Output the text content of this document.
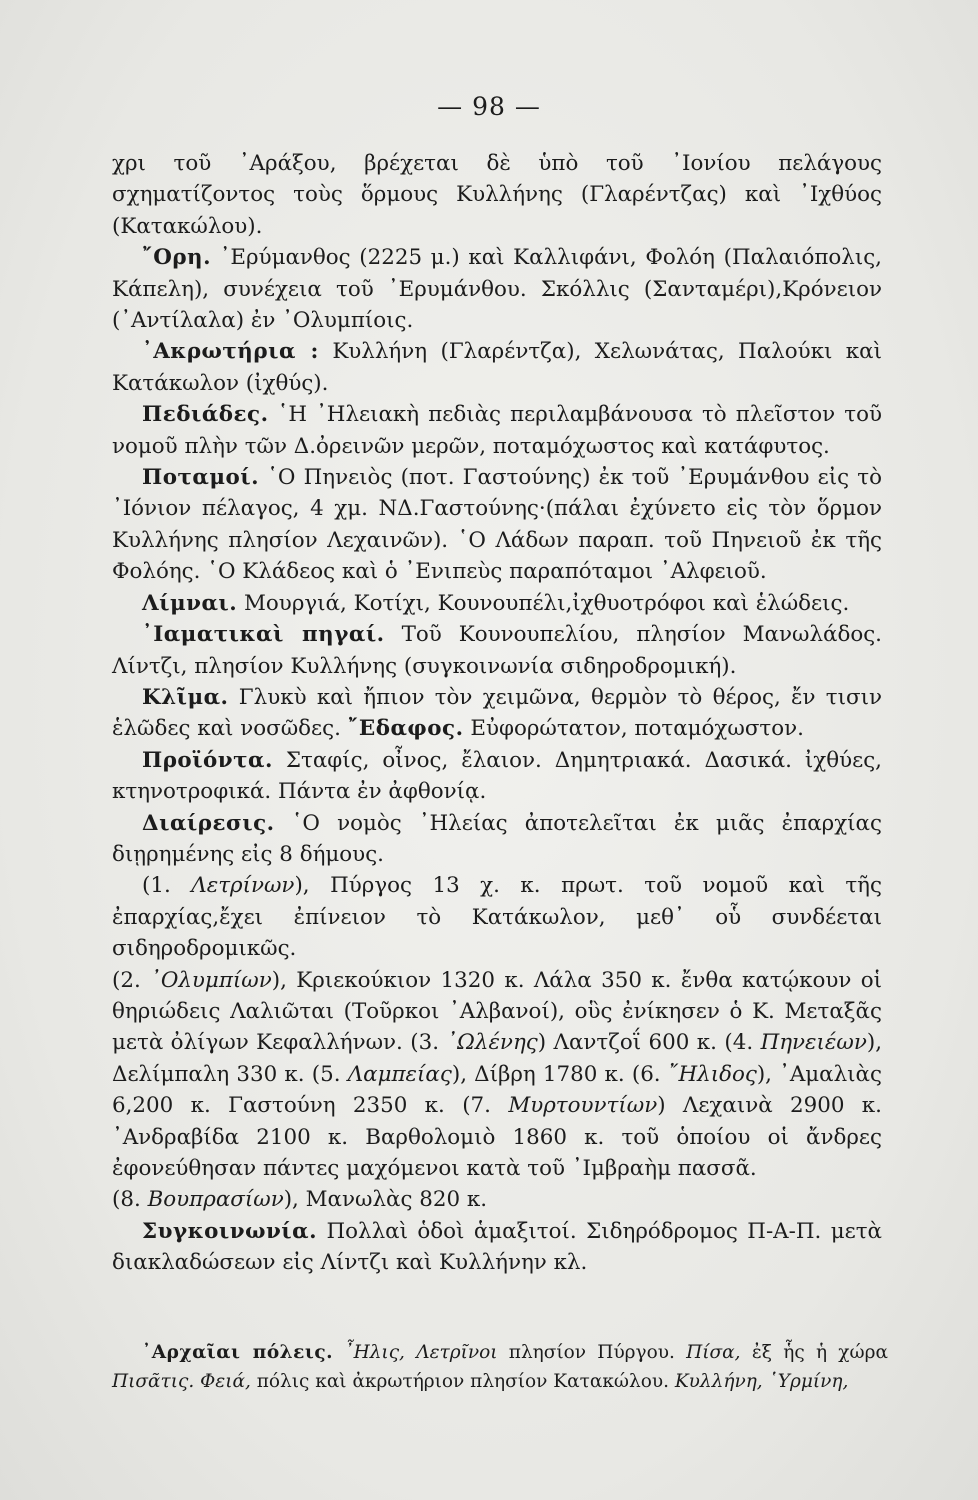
— 98 —

χρι τοῦ ᾿Αράξου, βρέχεται δὲ ὑπὸ τοῦ ᾿Ιονίου πελάγους σχηματίζοντος τοὺς ὅρμους Κυλλήνης (Γλαρέντζας) καὶ ᾿Ιχθύος (Κατακώλου).

῎Ορη. ᾿Ερύμανθος (2225 μ.) καὶ Καλλιφάνι, Φολόη (Παλαιόπολις, Κάπελη), συνέχεια τοῦ ᾿Ερυμάνθου. Σκόλλις (Σανταμέρι),Κρόνειον (᾿Αντίλαλα) ἐν ᾿Ολυμπίοις.

᾿Ακρωτήρια : Κυλλήνη (Γλαρέντζα), Χελωνάτας, Παλούκι καὶ Κατάκωλον (ἰχθύς).

Πεδιάδες. ῾Η ᾿Ηλειακὴ πεδιὰς περιλαμβάνουσα τὸ πλεῖστον τοῦ νομοῦ πλὴν τῶν Δ.ὀρεινῶν μερῶν, ποταμόχωστος καὶ κατάφυτος.

Ποταμοί. ῾Ο Πηνειὸς (ποτ. Γαστούνης) ἐκ τοῦ ᾿Ερυμάνθου εἰς τὸ ᾿Ιόνιον πέλαγος, 4 χμ. ΝΔ.Γαστούνης·(πάλαι ἐχύνετο εἰς τὸν ὅρμον Κυλλήνης πλησίον Λεχαινῶν). ῾Ο Λάδων παραπ. τοῦ Πηνειοῦ ἐκ τῆς Φολόης. ῾Ο Κλάδεος καὶ ὁ ᾿Ενιπεὺς παραπόταμοι ᾿Αλφειοῦ.

Λίμναι. Μουργιά, Κοτίχι, Κουνουπέλι,ἰχθυοτρόφοι καὶ ἑλώδεις.

᾿Ιαματικαὶ πηγαί. Τοῦ Κουνουπελίου, πλησίον Μανωλάδος. Λίντζι, πλησίον Κυλλήνης (συγκοινωνία σιδηροδρομική).

Κλῖμα. Γλυκὺ καὶ ἤπιον τὸν χειμῶνα, θερμὸν τὸ θέρος, ἔν τισιν ἑλῶδες καὶ νοσῶδες. ῎Εδαφος. Εὐφορώτατον, ποταμόχωστον.

Προϊόντα. Σταφίς, οἶνος, ἔλαιον. Δημητριακά. Δασικά. ἰχθύες, κτηνοτροφικά. Πάντα ἐν ἀφθονίᾳ.

Διαίρεσις. ῾Ο νομὸς ᾿Ηλείας ἀποτελεῖται ἐκ μιᾶς ἐπαρχίας διῃρημένης εἰς 8 δήμους.

(1. Λετρίνων), Πύργος 13 χ. κ. πρωτ. τοῦ νομοῦ καὶ τῆς ἐπαρχίας,ἔχει ἐπίνειον τὸ Κατάκωλον, μεθ᾿ οὗ συνδέεται σιδηροδρομικῶς.

(2. ᾿Ολυμπίων), Κριεκούκιον 1320 κ. Λάλα 350 κ. ἔνθα κατῴκουν οἱ θηριώδεις Λαλιῶται (Τοῦρκοι ᾿Αλβανοί), οὓς ἐνίκησεν ὁ Κ. Μεταξᾶς μετὰ ὀλίγων Κεφαλλήνων. (3. ᾿Ωλένης) Λαντζοΐ 600 κ. (4. Πηνειέων), Δελίμπαλη 330 κ. (5. Λαμπείας), Δίβρη 1780 κ. (6. ῎Ηλιδος), ᾿Αμαλιὰς 6,200 κ. Γαστούνη 2350 κ. (7. Μυρτουντίων) Λεχαινὰ 2900 κ. ᾿Ανδραβίδα 2100 κ. Βαρθολομιὸ 1860 κ. τοῦ ὁποίου οἱ ἄνδρες ἐφονεύθησαν πάντες μαχόμενοι κατὰ τοῦ ᾿Ιμβραὴμ πασσᾶ.

(8. Βουπρασίων), Μανωλὰς 820 κ.

Συγκοινωνία. Πολλαὶ ὁδοὶ ἁμαξιτοί. Σιδηρόδρομος Π-Α-Π. μετὰ διακλαδώσεων εἰς Λίντζι καὶ Κυλλήνην κλ.

᾿Αρχαῖαι πόλεις. ῏Ηλις, Λετρῖνοι πλησίον Πύργου. Πίσα, ἐξ ἧς ἡ χώρα Πισᾶτις. Φειά, πόλις καὶ ἀκρωτήριον πλησίον Κατακώλου. Κυλλήνη, ῾Υρμίνη,
